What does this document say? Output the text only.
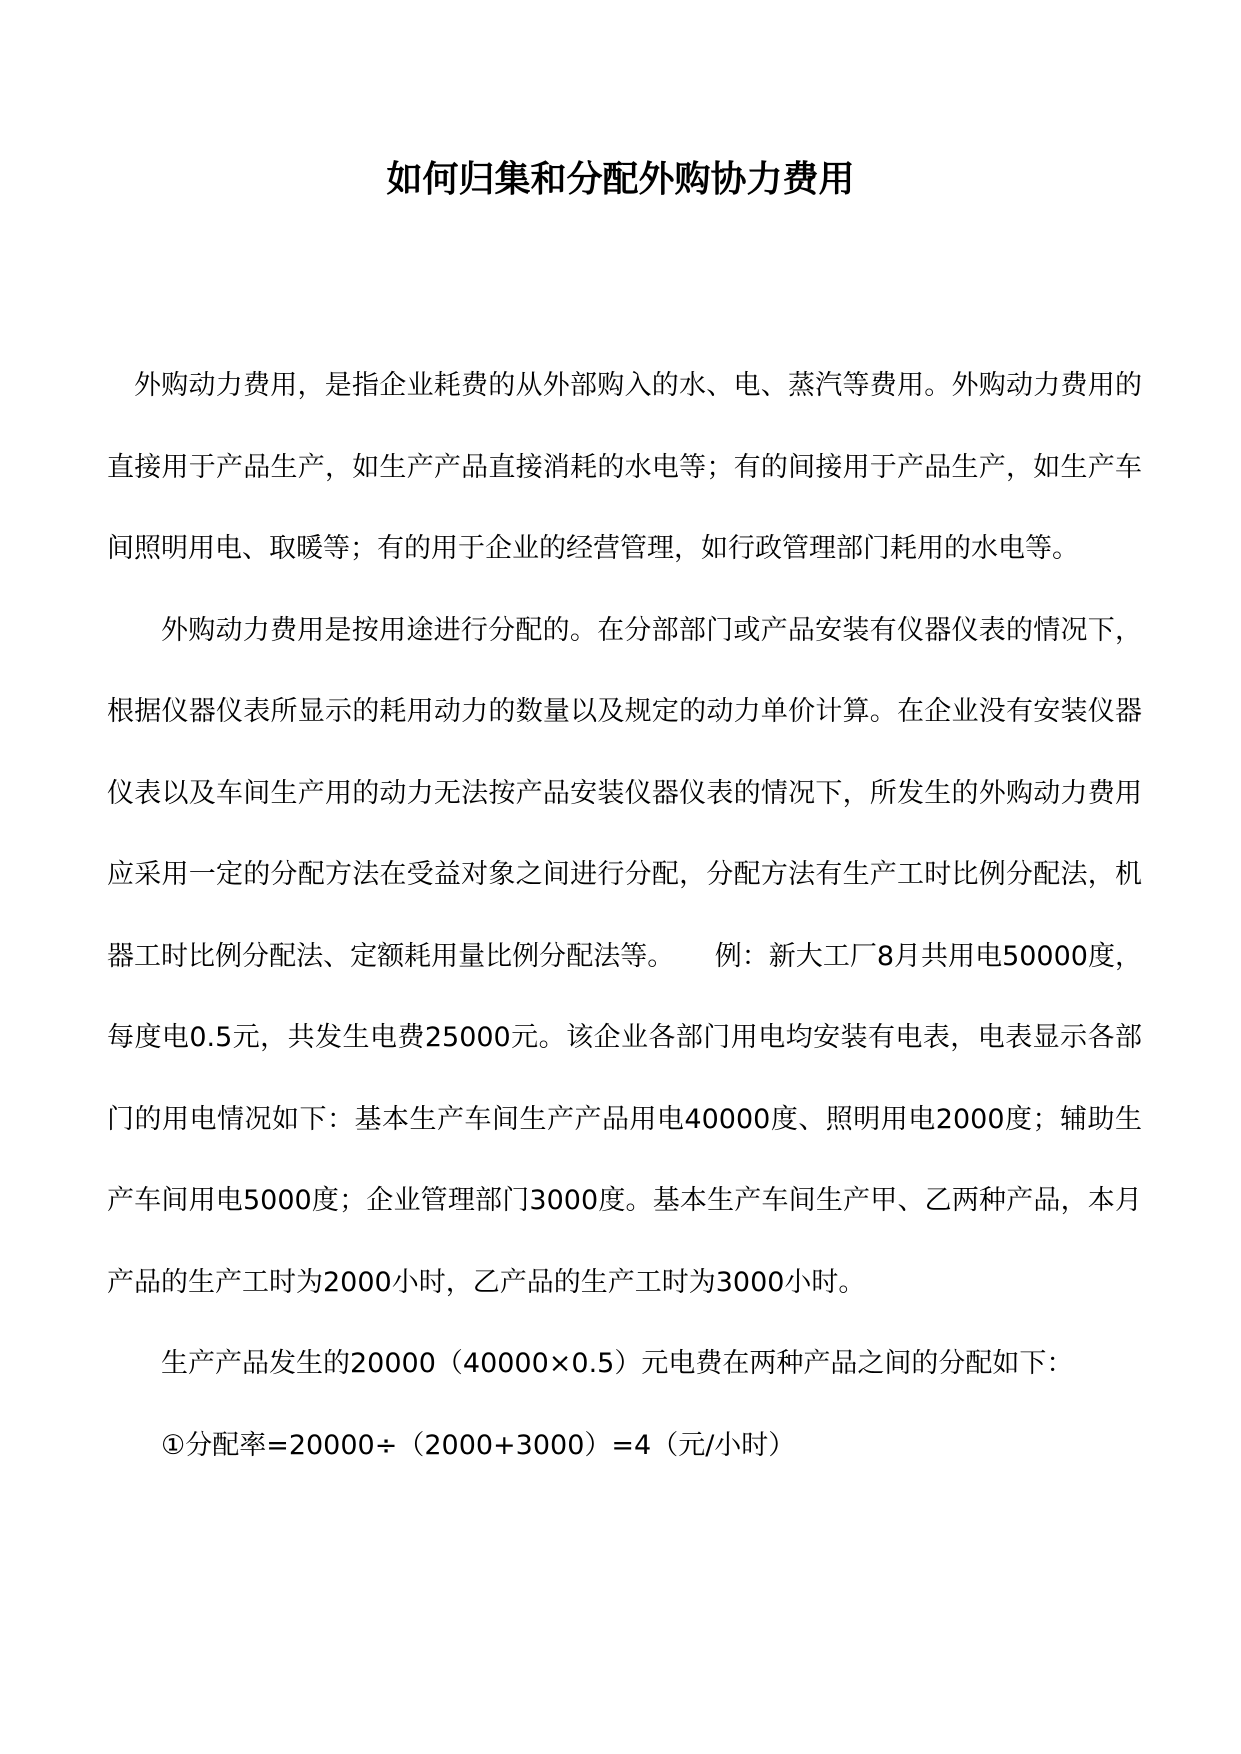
如何归集和分配外购协力费用

外购动力费用，是指企业耗费的从外部购入的水、电、蒸汽等费用。外购动力费用的直接用于产品生产，如生产产品直接消耗的水电等；有的间接用于产品生产，如生产车间照明用电、取暖等；有的用于企业的经营管理，如行政管理部门耗用的水电等。

外购动力费用是按用途进行分配的。在分部部门或产品安装有仪器仪表的情况下，根据仪器仪表所显示的耗用动力的数量以及规定的动力单价计算。在企业没有安装仪器仪表以及车间生产用的动力无法按产品安装仪器仪表的情况下，所发生的外购动力费用应采用一定的分配方法在受益对象之间进行分配，分配方法有生产工时比例分配法，机器工时比例分配法、定额耗用量比例分配法等。　　例：新大工厂8月共用电50000度，每度电0.5元，共发生电费25000元。该企业各部门用电均安装有电表，电表显示各部门的用电情况如下：基本生产车间生产产品用电40000度、照明用电2000度；辅助生产车间用电5000度；企业管理部门3000度。基本生产车间生产甲、乙两种产品，本月产品的生产工时为2000小时，乙产品的生产工时为3000小时。

生产产品发生的20000（40000×0.5）元电费在两种产品之间的分配如下：

①分配率=20000÷（2000+3000）=4（元/小时）
